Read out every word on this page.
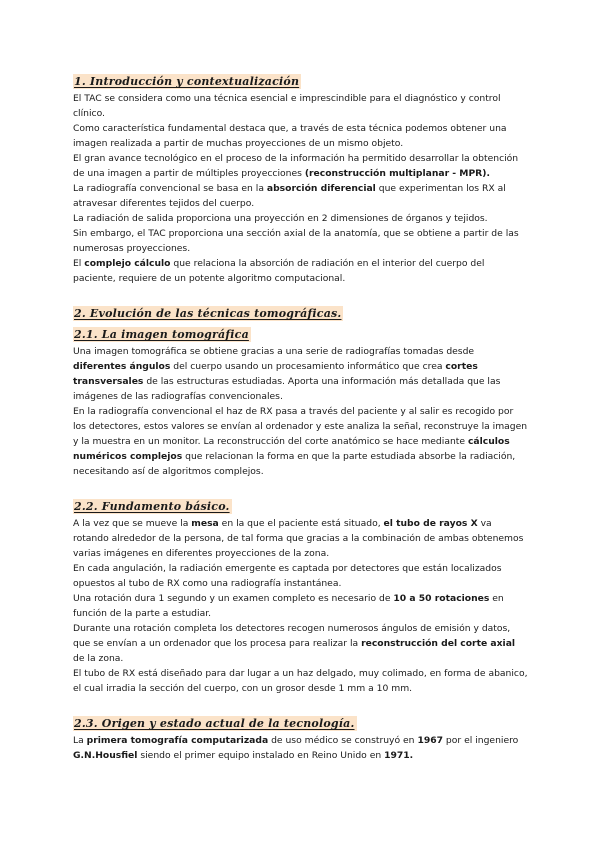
1. Introducción y contextualización

El TAC se considera como una técnica esencial e imprescindible para el diagnóstico y control clínico.

Como característica fundamental destaca que, a través de esta técnica podemos obtener una imagen realizada a partir de muchas proyecciones de un mismo objeto.

El gran avance tecnológico en el proceso de la información ha permitido desarrollar la obtención de una imagen a partir de múltiples proyecciones (reconstrucción multiplanar - MPR).

La radiografía convencional se basa en la absorción diferencial que experimentan los RX al atravesar diferentes tejidos del cuerpo.

La radiación de salida proporciona una proyección en 2 dimensiones de órganos y tejidos.

Sin embargo, el TAC proporciona una sección axial de la anatomía, que se obtiene a partir de las numerosas proyecciones.

El complejo cálculo que relaciona la absorción de radiación en el interior del cuerpo del paciente, requiere de un potente algoritmo computacional.

2. Evolución de las técnicas tomográficas.
2.1. La imagen tomográfica

Una imagen tomográfica se obtiene gracias a una serie de radiografías tomadas desde diferentes ángulos del cuerpo usando un procesamiento informático que crea cortes transversales de las estructuras estudiadas. Aporta una información más detallada que las imágenes de las radiografías convencionales.

En la radiografía convencional el haz de RX pasa a través del paciente y al salir es recogido por los detectores, estos valores se envían al ordenador y este analiza la señal, reconstruye la imagen y la muestra en un monitor. La reconstrucción del corte anatómico se hace mediante cálculos numéricos complejos que relacionan la forma en que la parte estudiada absorbe la radiación, necesitando así de algoritmos complejos.

2.2. Fundamento básico.

A la vez que se mueve la mesa en la que el paciente está situado, el tubo de rayos X va rotando alrededor de la persona, de tal forma que gracias a la combinación de ambas obtenemos varias imágenes en diferentes proyecciones de la zona.

En cada angulación, la radiación emergente es captada por detectores que están localizados opuestos al tubo de RX como una radiografía instantánea.

Una rotación dura 1 segundo y un examen completo es necesario de 10 a 50 rotaciones en función de la parte a estudiar.

Durante una rotación completa los detectores recogen numerosos ángulos de emisión y datos, que se envían a un ordenador que los procesa para realizar la reconstrucción del corte axial de la zona.

El tubo de RX está diseñado para dar lugar a un haz delgado, muy colimado, en forma de abanico, el cual irradia la sección del cuerpo, con un grosor desde 1 mm a 10 mm.

2.3. Origen y estado actual de la tecnología.

La primera tomografía computarizada de uso médico se construyó en 1967 por el ingeniero G.N.Housfiel siendo el primer equipo instalado en Reino Unido en 1971.
